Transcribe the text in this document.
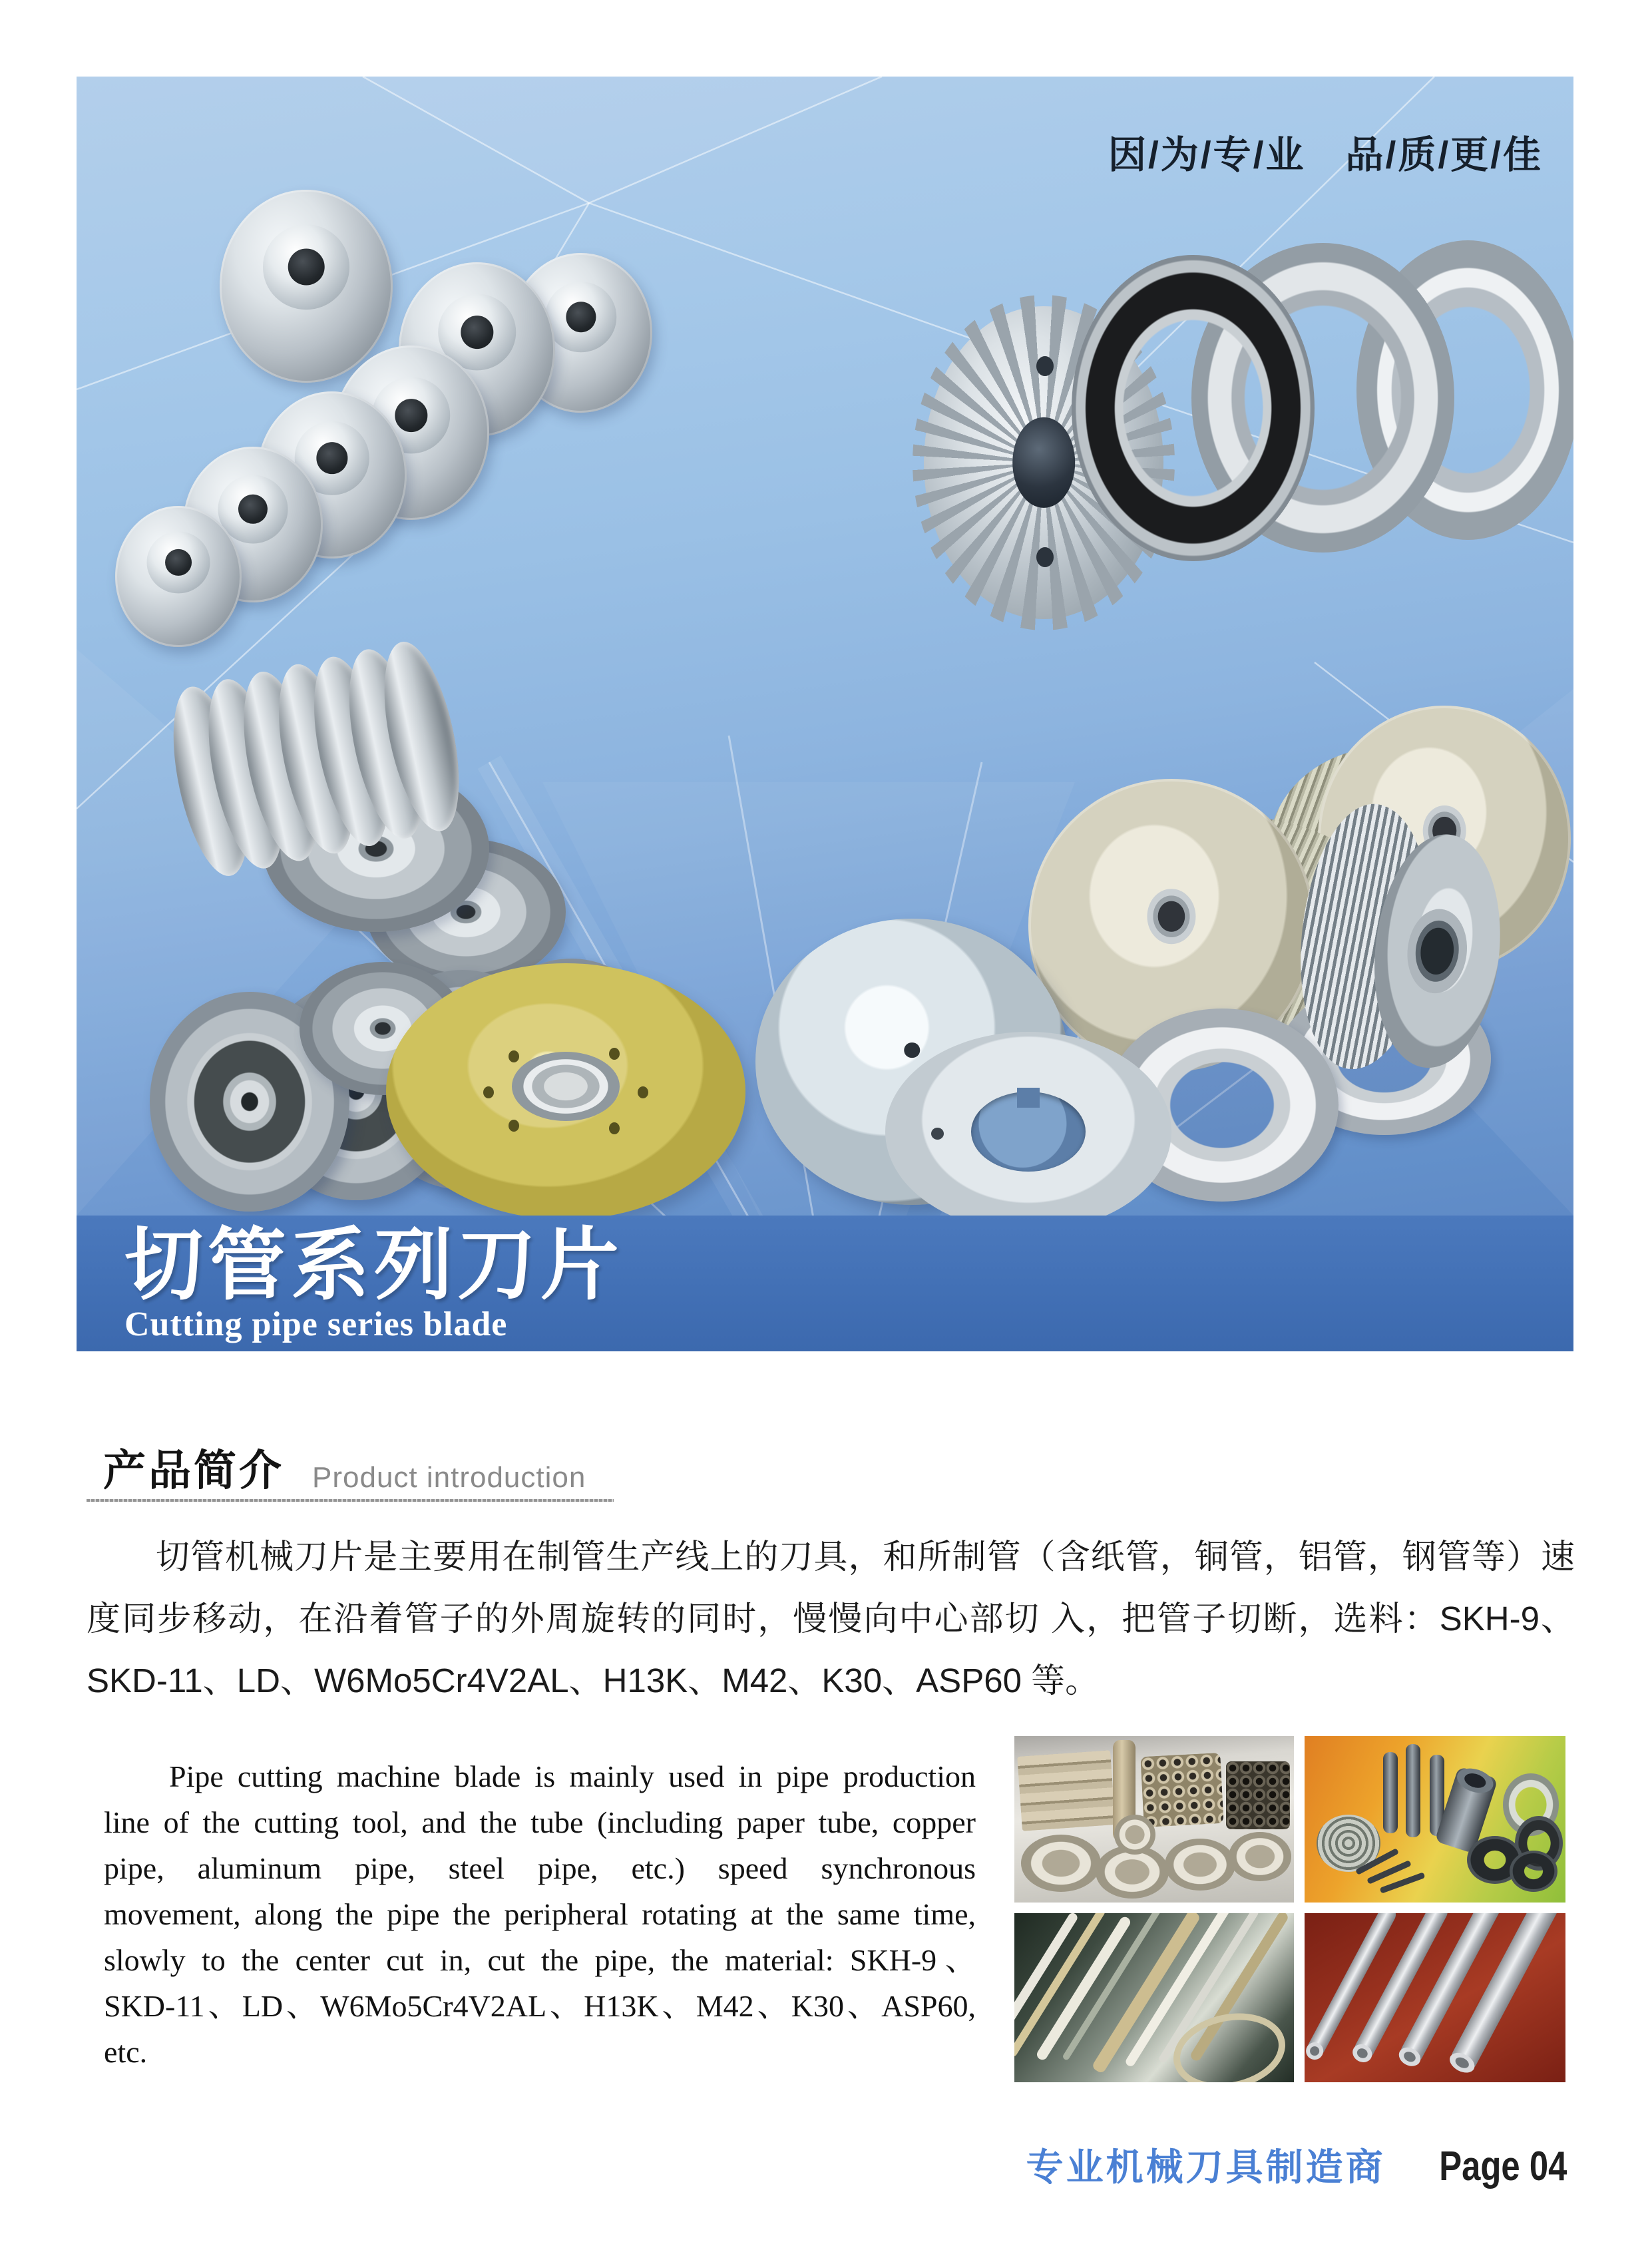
因/为/专/业　品/质/更/佳
切管系列刀片
Cutting pipe series blade
产品简介 Product introduction
切管机械刀片是主要用在制管生产线上的刀具，和所制管（含纸管，铜管，铝管，钢管等）速
度同步移动，在沿着管子的外周旋转的同时，慢慢向中心部切 入，把管子切断，选料：SKH-9、
SKD-11、LD、W6Mo5Cr4V2AL、H13K、M42、K30、ASP60 等。
Pipe cutting machine blade is mainly used in pipe production
line of the cutting tool, and the tube (including paper tube, copper
pipe, aluminum pipe, steel pipe, etc.) speed synchronous
movement, along the pipe the peripheral rotating at the same time,
slowly to the center cut in, cut the pipe, the material: SKH-9、
SKD-11、LD、W6Mo5Cr4V2AL、H13K、M42、K30、ASP60,
etc.
专业机械刀具制造商 Page 04
